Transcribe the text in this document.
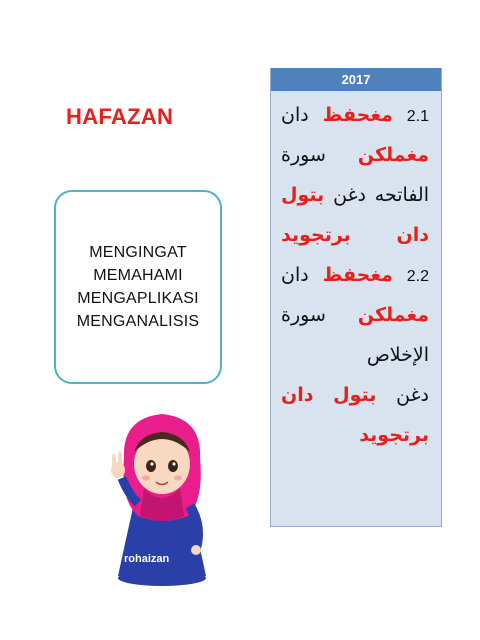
HAFAZAN
MENGINGAT
MEMAHAMI
MENGAPLIKASI
MENGANALISIS
2017
2.1 مغحفظ دان
مغملكن سورة
الفاتحه دغن بتول
دان برتجويد
2.2 مغحفظ دان
مغملكن سورة
الإخلاص
دغن بتول دان
برتجويد
rohaizan
